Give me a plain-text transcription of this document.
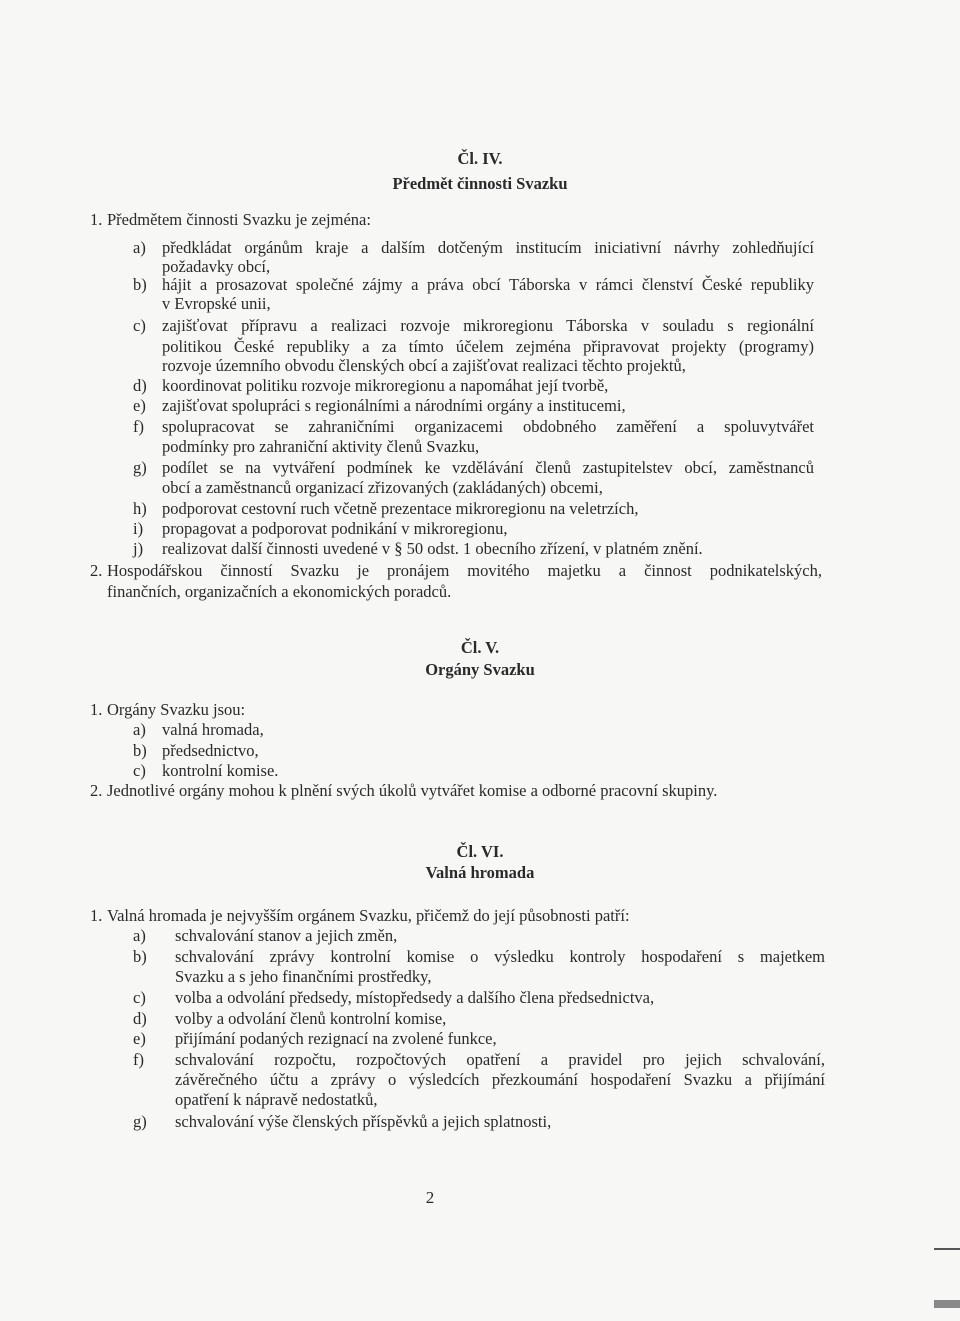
Čl. IV.
Předmět činnosti Svazku
1. Předmětem činnosti Svazku je zejména:
a) předkládat orgánům kraje a dalším dotčeným institucím iniciativní návrhy zohledňující
požadavky obcí,
b) hájit a prosazovat společné zájmy a práva obcí Táborska v rámci členství České republiky
v Evropské unii,
c) zajišťovat přípravu a realizaci rozvoje mikroregionu Táborska v souladu s regionální
politikou České republiky a za tímto účelem zejména připravovat projekty (programy)
rozvoje územního obvodu členských obcí a zajišťovat realizaci těchto projektů,
d) koordinovat politiku rozvoje mikroregionu a napomáhat její tvorbě,
e) zajišťovat spolupráci s regionálními a národními orgány a institucemi,
f) spolupracovat se zahraničními organizacemi obdobného zaměření a spoluvytvářet
podmínky pro zahraniční aktivity členů Svazku,
g) podílet se na vytváření podmínek ke vzdělávání členů zastupitelstev obcí, zaměstnanců
obcí a zaměstnanců organizací zřizovaných (zakládaných) obcemi,
h) podporovat cestovní ruch včetně prezentace mikroregionu na veletrzích,
i) propagovat a podporovat podnikání v mikroregionu,
j) realizovat další činnosti uvedené v § 50 odst. 1 obecního zřízení, v platném znění.
2. Hospodářskou činností Svazku je pronájem movitého majetku a činnost podnikatelských,
finančních, organizačních a ekonomických poradců.
Čl. V.
Orgány Svazku
1. Orgány Svazku jsou:
a) valná hromada,
b) předsednictvo,
c) kontrolní komise.
2. Jednotlivé orgány mohou k plnění svých úkolů vytvářet komise a odborné pracovní skupiny.
Čl. VI.
Valná hromada
1. Valná hromada je nejvyšším orgánem Svazku, přičemž do její působnosti patří:
a) schvalování stanov a jejich změn,
b) schvalování zprávy kontrolní komise o výsledku kontroly hospodaření s majetkem
Svazku a s jeho finančními prostředky,
c) volba a odvolání předsedy, místopředsedy a dalšího člena předsednictva,
d) volby a odvolání členů kontrolní komise,
e) přijímání podaných rezignací na zvolené funkce,
f) schvalování rozpočtu, rozpočtových opatření a pravidel pro jejich schvalování,
závěrečného účtu a zprávy o výsledcích přezkoumání hospodaření Svazku a přijímání
opatření k nápravě nedostatků,
g) schvalování výše členských příspěvků a jejich splatnosti,
2
